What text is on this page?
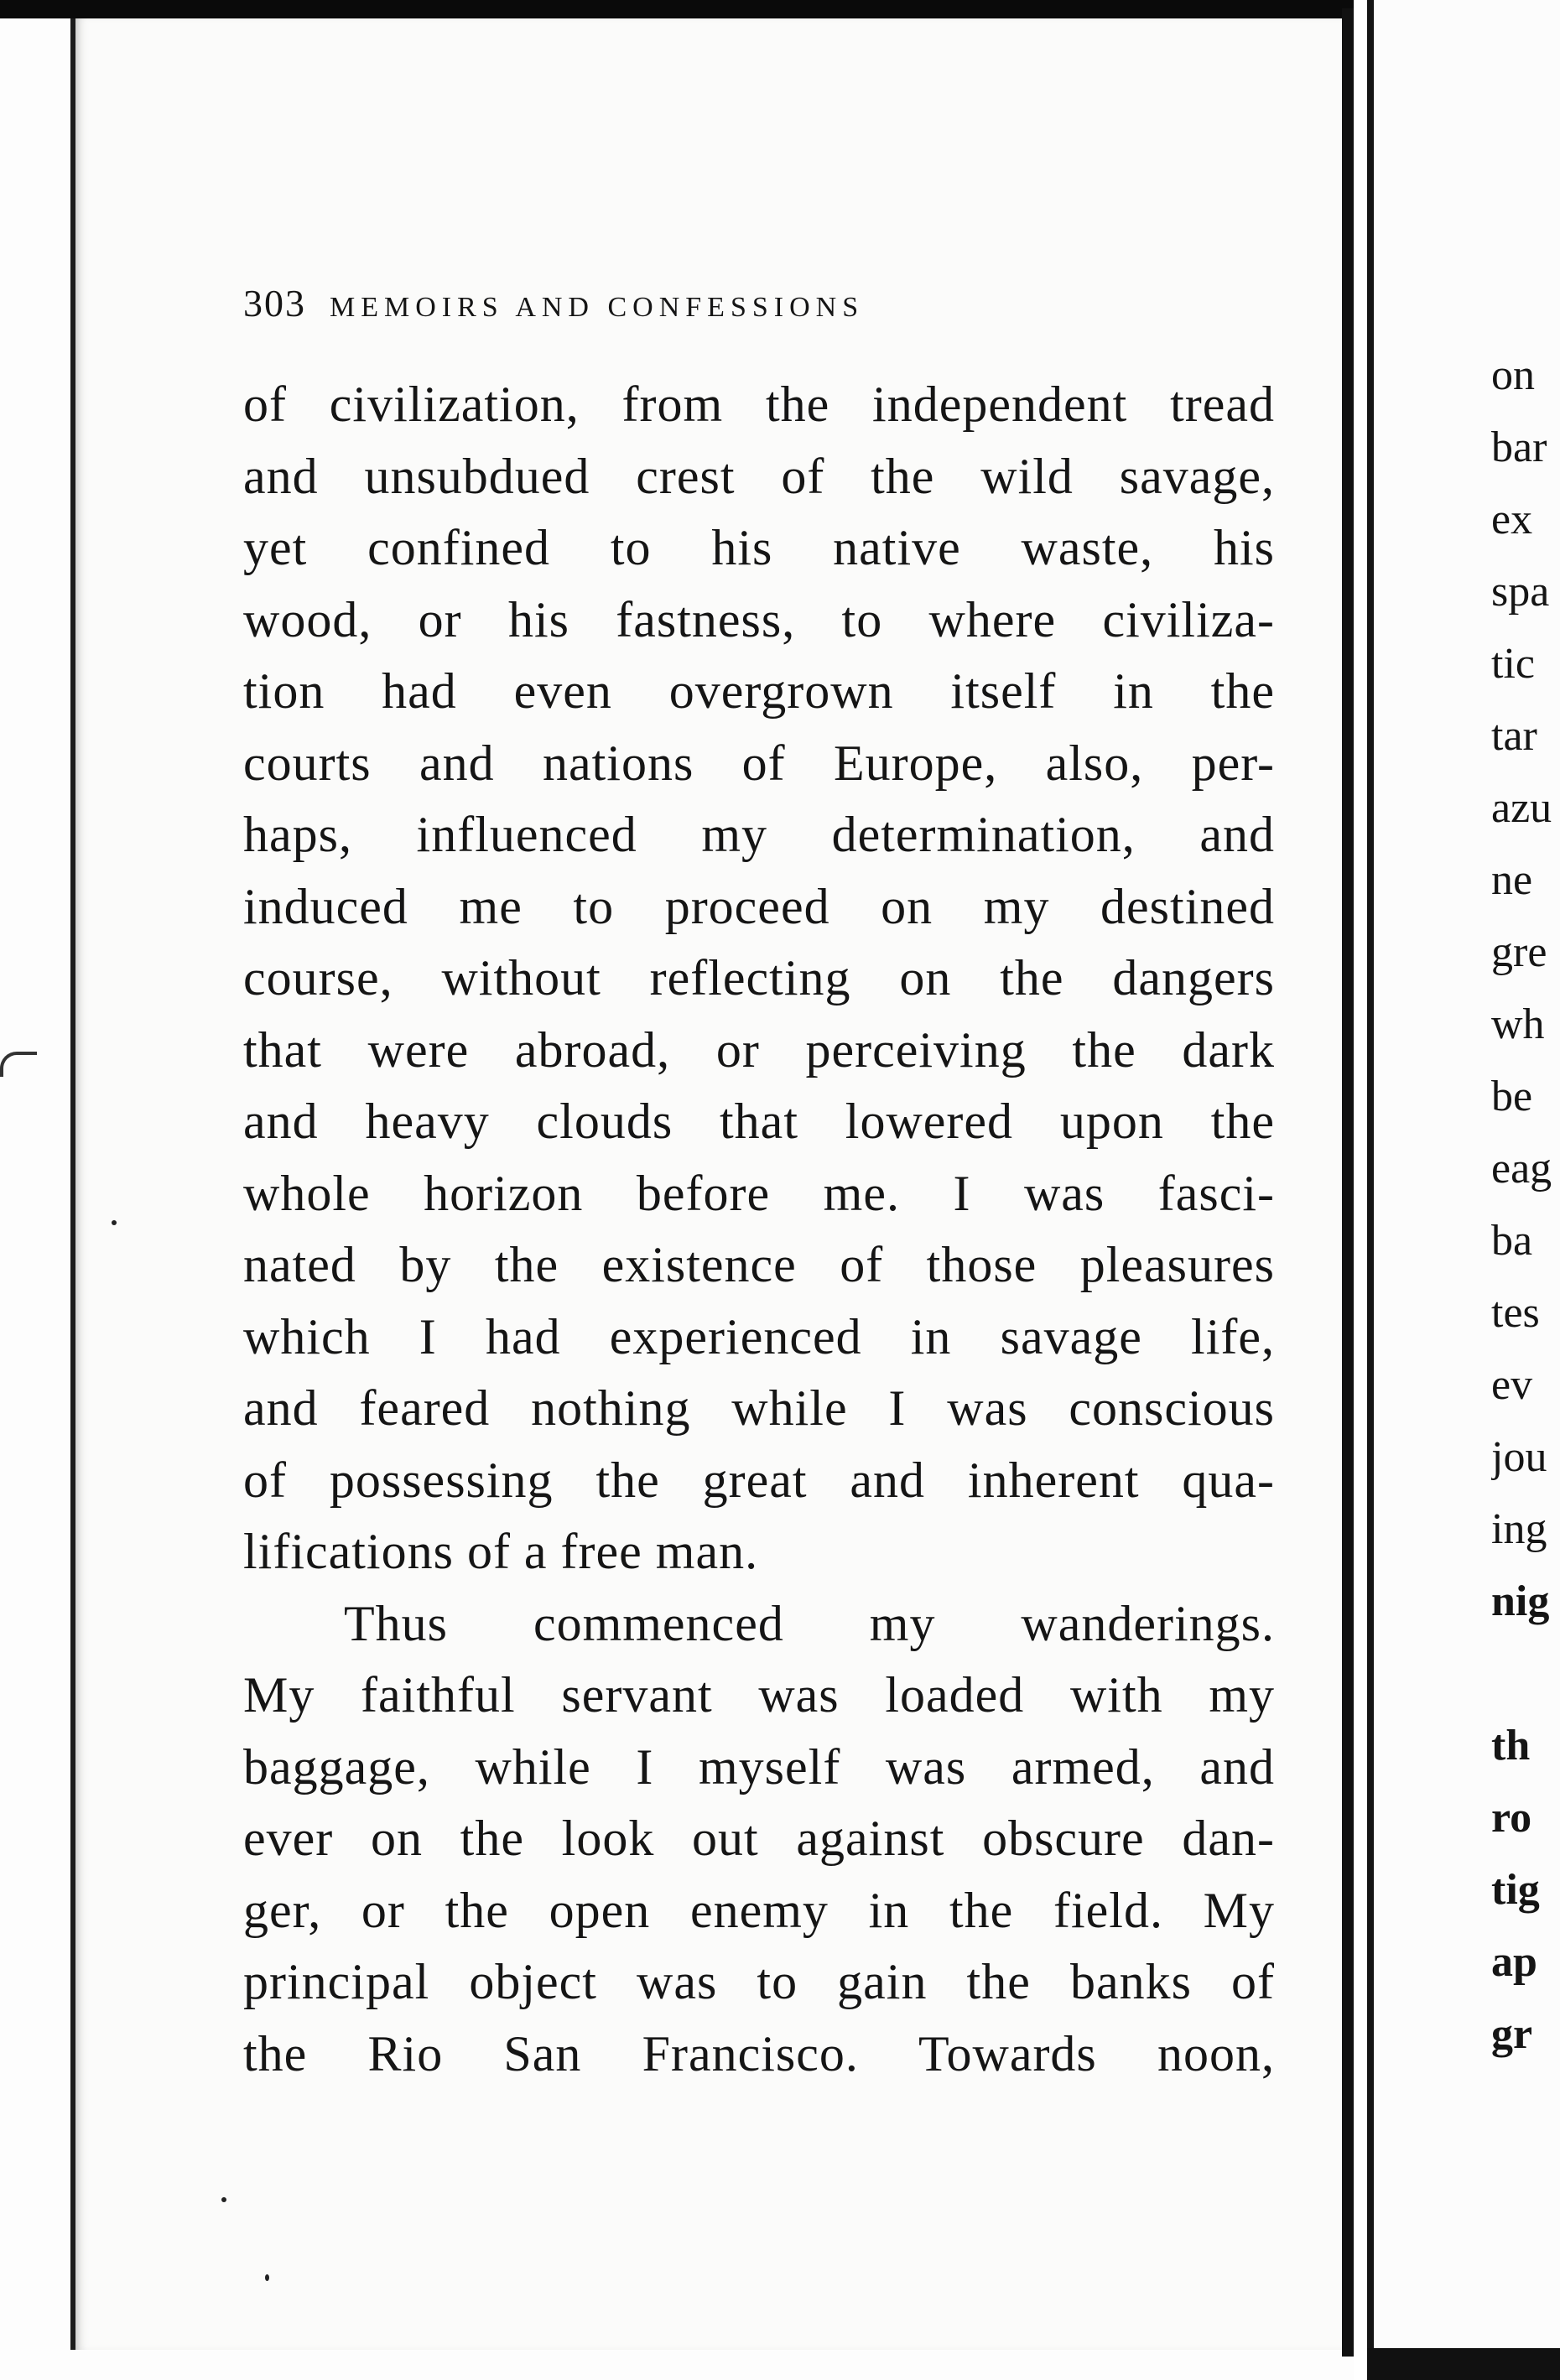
303 MEMOIRS AND CONFESSIONS
of civilization, from the independent tread
and unsubdued crest of the wild savage,
yet confined to his native waste, his
wood, or his fastness, to where civiliza-
tion had even overgrown itself in the
courts and nations of Europe, also, per-
haps, influenced my determination, and
induced me to proceed on my destined
course, without reflecting on the dangers
that were abroad, or perceiving the dark
and heavy clouds that lowered upon the
whole horizon before me. I was fasci-
nated by the existence of those pleasures
which I had experienced in savage life,
and feared nothing while I was conscious
of possessing the great and inherent qua-
lifications of a free man.
Thus commenced my wanderings.
My faithful servant was loaded with my
baggage, while I myself was armed, and
ever on the look out against obscure dan-
ger, or the open enemy in the field. My
principal object was to gain the banks of
the Rio San Francisco. Towards noon,
on
bar
ex
spa
tic
tar
azu
ne
gre
wh
be
eag
ba
tes
ev
jou
ing
nig
th
ro
tig
ap
gr
